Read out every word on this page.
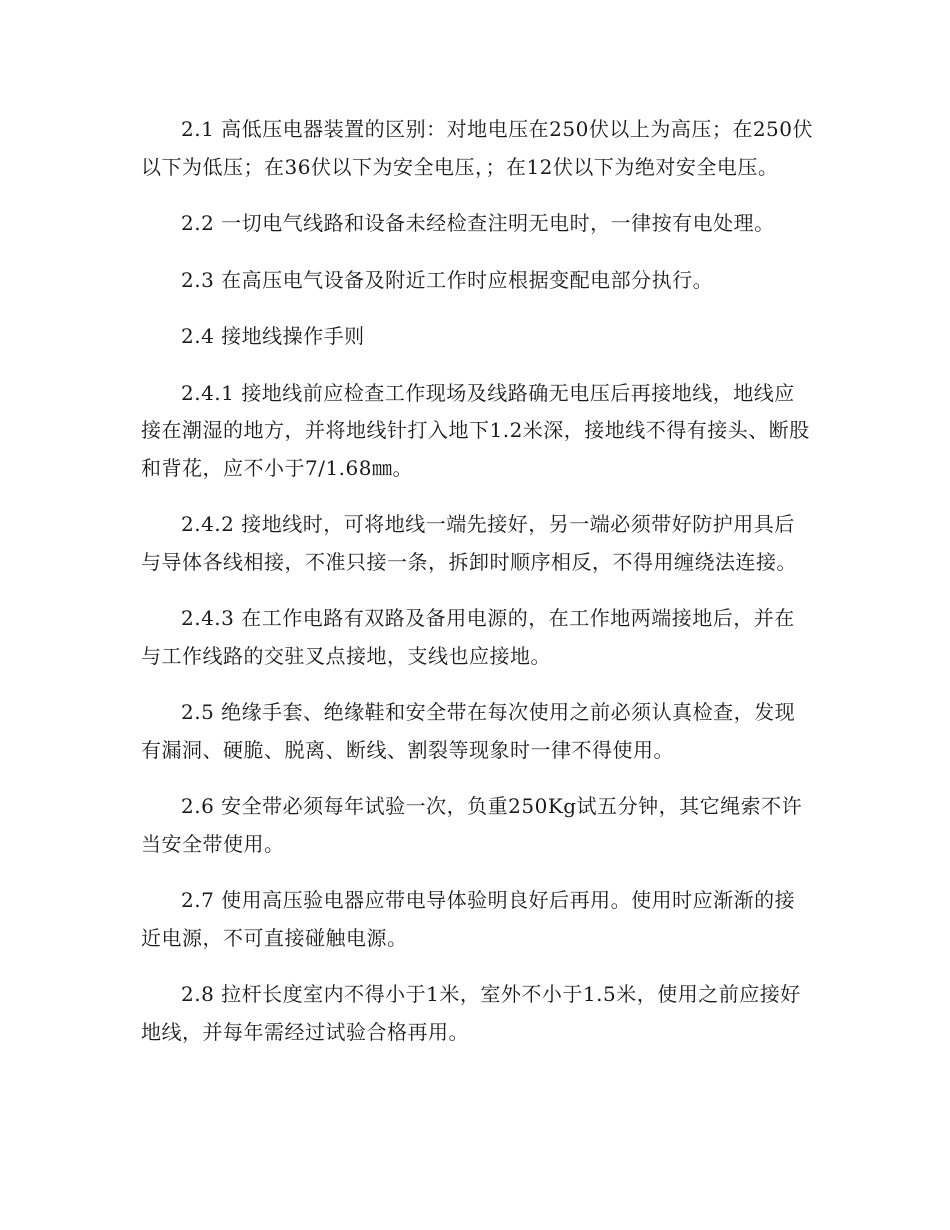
2.1 高低压电器装置的区别：对地电压在250伏以上为高压；在250伏以下为低压；在36伏以下为安全电压，；在12伏以下为绝对安全电压。

2.2 一切电气线路和设备未经检查注明无电时，一律按有电处理。

2.3 在高压电气设备及附近工作时应根据变配电部分执行。

2.4 接地线操作手则

2.4.1 接地线前应检查工作现场及线路确无电压后再接地线，地线应接在潮湿的地方，并将地线针打入地下1.2米深，接地线不得有接头、断股和背花，应不小于7/1.68㎜。

2.4.2 接地线时，可将地线一端先接好，另一端必须带好防护用具后与导体各线相接，不准只接一条，拆卸时顺序相反，不得用缠绕法连接。

2.4.3 在工作电路有双路及备用电源的，在工作地两端接地后，并在与工作线路的交驻叉点接地，支线也应接地。

2.5 绝缘手套、绝缘鞋和安全带在每次使用之前必须认真检查，发现有漏洞、硬脆、脱离、断线、割裂等现象时一律不得使用。

2.6 安全带必须每年试验一次，负重250Kg试五分钟，其它绳索不许当安全带使用。

2.7 使用高压验电器应带电导体验明良好后再用。使用时应渐渐的接近电源，不可直接碰触电源。

2.8 拉杆长度室内不得小于1米，室外不小于1.5米，使用之前应接好地线，并每年需经过试验合格再用。
